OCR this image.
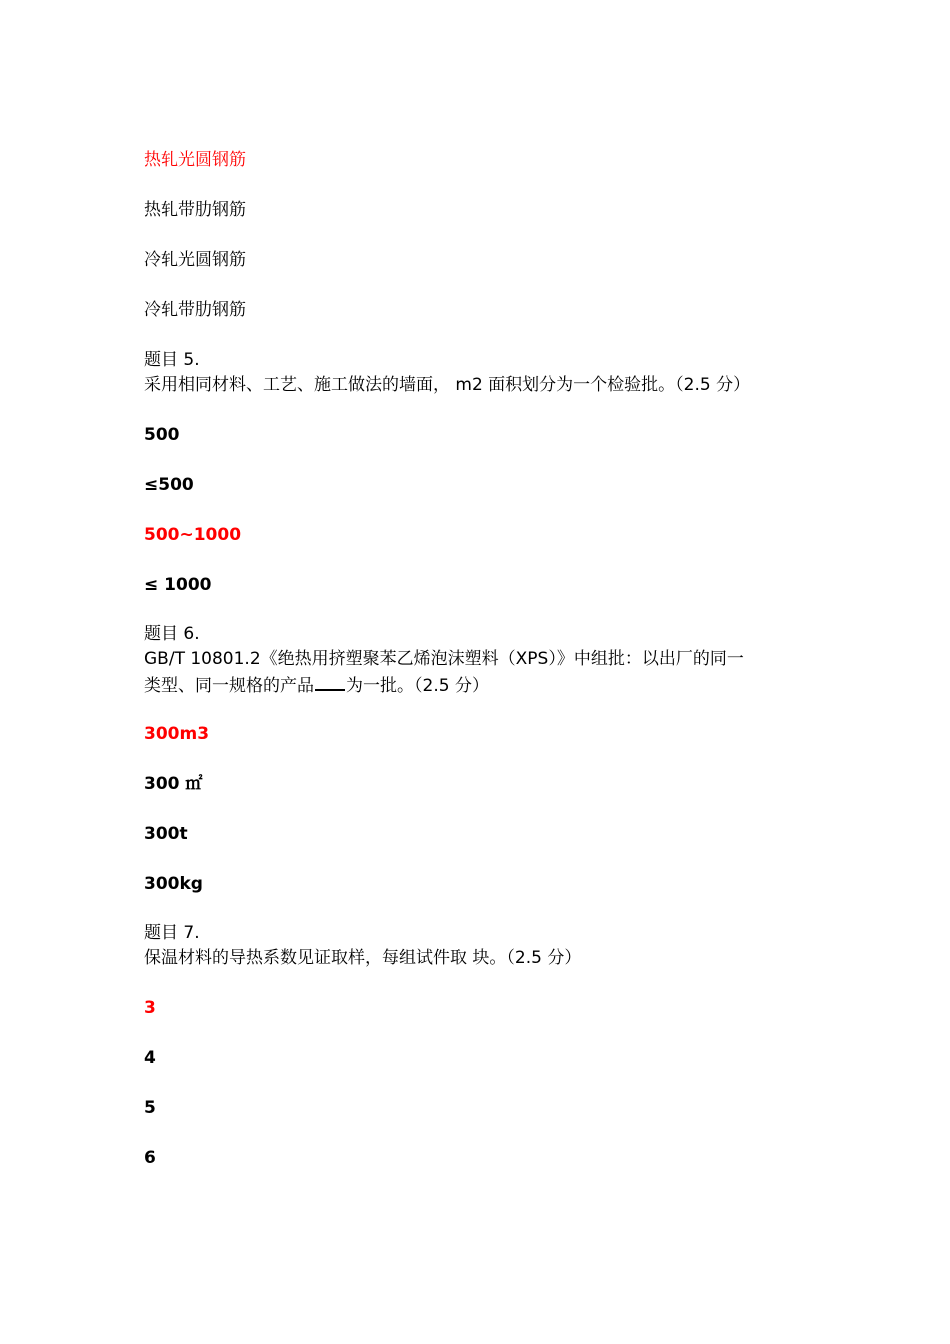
热轧光圆钢筋

热轧带肋钢筋

冷轧光圆钢筋

冷轧带肋钢筋

题目 5.

采用相同材料、工艺、施工做法的墙面， m2 面积划分为一个检验批。（2.5 分）

500

≤500

500~1000

≤ 1000

题目 6.

GB/T 10801.2《绝热用挤塑聚苯乙烯泡沫塑料（XPS）》中组批：以出厂的同一

类型、同一规格的产品 为一批。（2.5 分）

300m3

300 ㎡

300t

300kg

题目 7.

保温材料的导热系数见证取样，每组试件取 块。（2.5 分）

3

4

5

6
